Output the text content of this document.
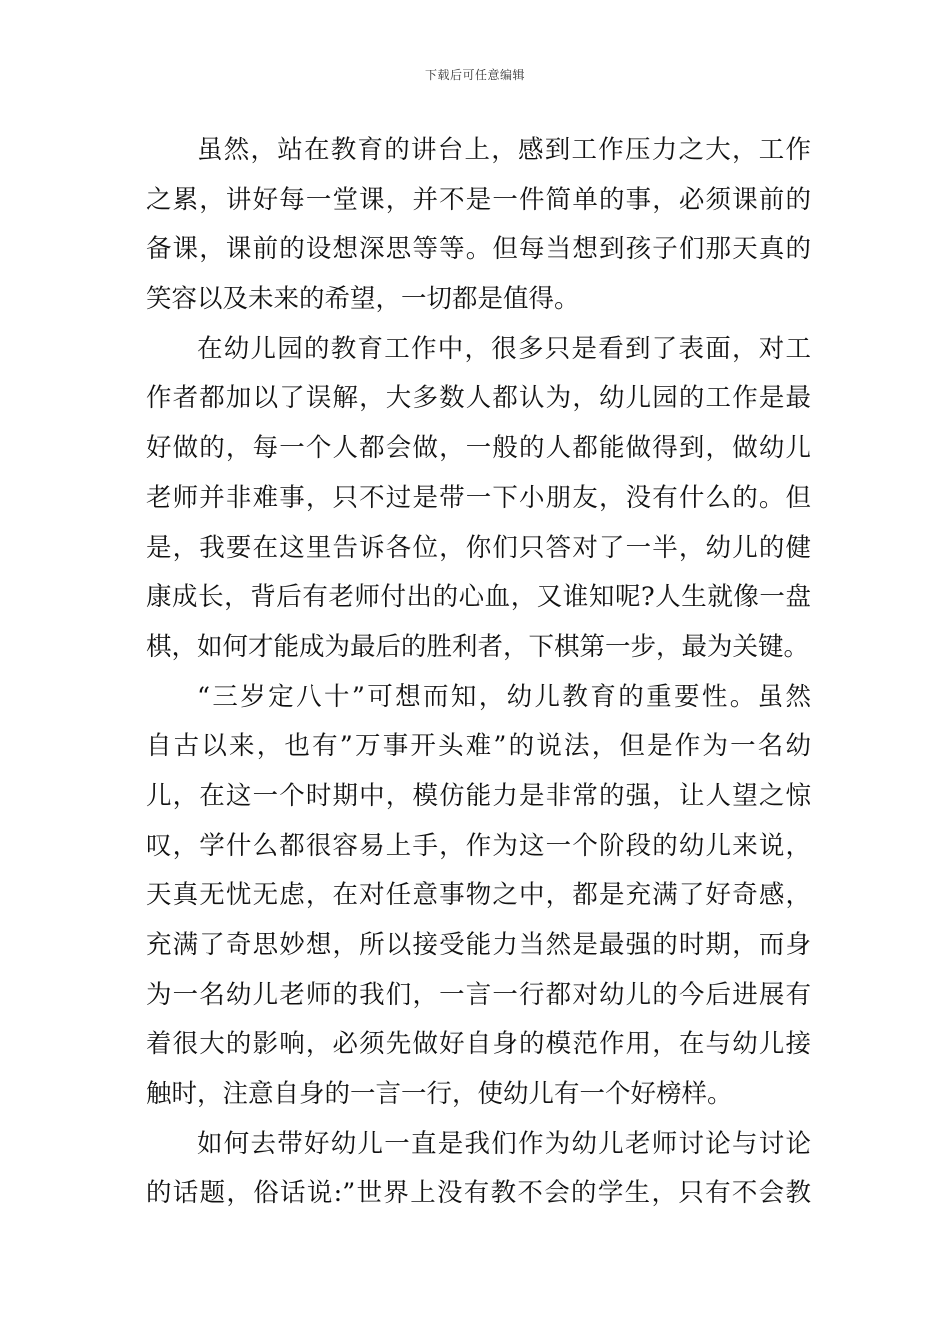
下载后可任意编辑
虽然，站在教育的讲台上，感到工作压力之大，工作
之累，讲好每一堂课，并不是一件简单的事，必须课前的
备课，课前的设想深思等等。但每当想到孩子们那天真的
笑容以及未来的希望，一切都是值得。
在幼儿园的教育工作中，很多只是看到了表面，对工
作者都加以了误解，大多数人都认为，幼儿园的工作是最
好做的，每一个人都会做，一般的人都能做得到，做幼儿
老师并非难事，只不过是带一下小朋友，没有什么的。但
是，我要在这里告诉各位，你们只答对了一半，幼儿的健
康成长，背后有老师付出的心血，又谁知呢?人生就像一盘
棋，如何才能成为最后的胜利者，下棋第一步，最为关键。
“三岁定八十”可想而知，幼儿教育的重要性。虽然
自古以来，也有”万事开头难”的说法，但是作为一名幼
儿，在这一个时期中，模仿能力是非常的强，让人望之惊
叹，学什么都很容易上手，作为这一个阶段的幼儿来说，
天真无忧无虑，在对任意事物之中，都是充满了好奇感，
充满了奇思妙想，所以接受能力当然是最强的时期，而身
为一名幼儿老师的我们，一言一行都对幼儿的今后进展有
着很大的影响，必须先做好自身的模范作用，在与幼儿接
触时，注意自身的一言一行，使幼儿有一个好榜样。
如何去带好幼儿一直是我们作为幼儿老师讨论与讨论
的话题，俗话说:”世界上没有教不会的学生，只有不会教
